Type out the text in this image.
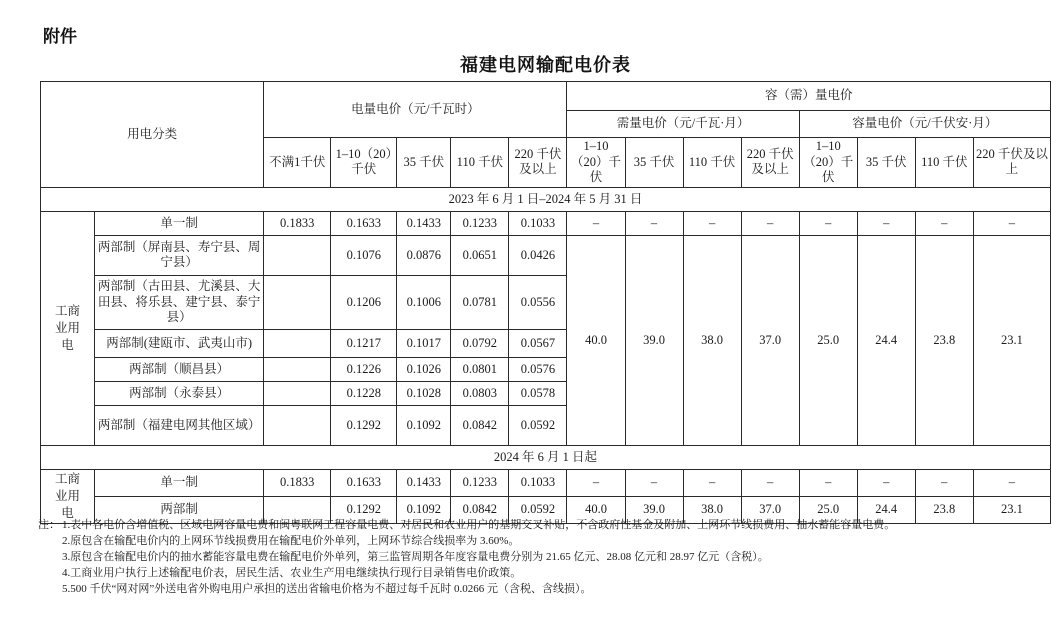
附件
福建电网输配电价表
用电分类		电量电价（元/千瓦时）					容（需）量电价							
							需量电价（元/千瓦·月）				容量电价（元/千伏安·月）			
		不满1千伏	1–10（20）千伏	35 千伏	110 千伏	220 千伏及以上	1–10（20）千伏	35 千伏	110 千伏	220 千伏及以上	1–10（20）千伏	35 千伏	110 千伏	220 千伏及以上
2023 年 6 月 1 日–2024 年 5 月 31 日														
工商业用电	单一制	0.1833	0.1633	0.1433	0.1233	0.1033	–	–	–	–	–	–	–	–
	两部制（屏南县、寿宁县、周宁县）		0.1076	0.0876	0.0651	0.0426	40.0	39.0	38.0	37.0	25.0	24.4	23.8	23.1
	两部制（古田县、尤溪县、大田县、将乐县、建宁县、泰宁县）		0.1206	0.1006	0.0781	0.0556								
	两部制(建瓯市、武夷山市)		0.1217	0.1017	0.0792	0.0567								
	两部制（顺昌县）		0.1226	0.1026	0.0801	0.0576								
	两部制（永泰县）		0.1228	0.1028	0.0803	0.0578								
	两部制（福建电网其他区域）		0.1292	0.1092	0.0842	0.0592								
2024 年 6 月 1 日起														
工商业用电	单一制	0.1833	0.1633	0.1433	0.1233	0.1033	–	–	–	–	–	–	–	–
	两部制		0.1292	0.1092	0.0842	0.0592	40.0	39.0	38.0	37.0	25.0	24.4	23.8	23.1
注： 1.表中各电价含增值税、区域电网容量电费和闽粤联网工程容量电费、对居民和农业用户的基期交叉补贴，不含政府性基金及附加、上网环节线损费用、抽水蓄能容量电费。
2.原包含在输配电价内的上网环节线损费用在输配电价外单列，上网环节综合线损率为 3.60%。
3.原包含在输配电价内的抽水蓄能容量电费在输配电价外单列，第三监管周期各年度容量电费分别为 21.65 亿元、28.08 亿元和 28.97 亿元（含税）。
4.工商业用户执行上述输配电价表，居民生活、农业生产用电继续执行现行目录销售电价政策。
5.500 千伏“网对网”外送电省外购电用户承担的送出省输电价格为不超过每千瓦时 0.0266 元（含税、含线损）。
